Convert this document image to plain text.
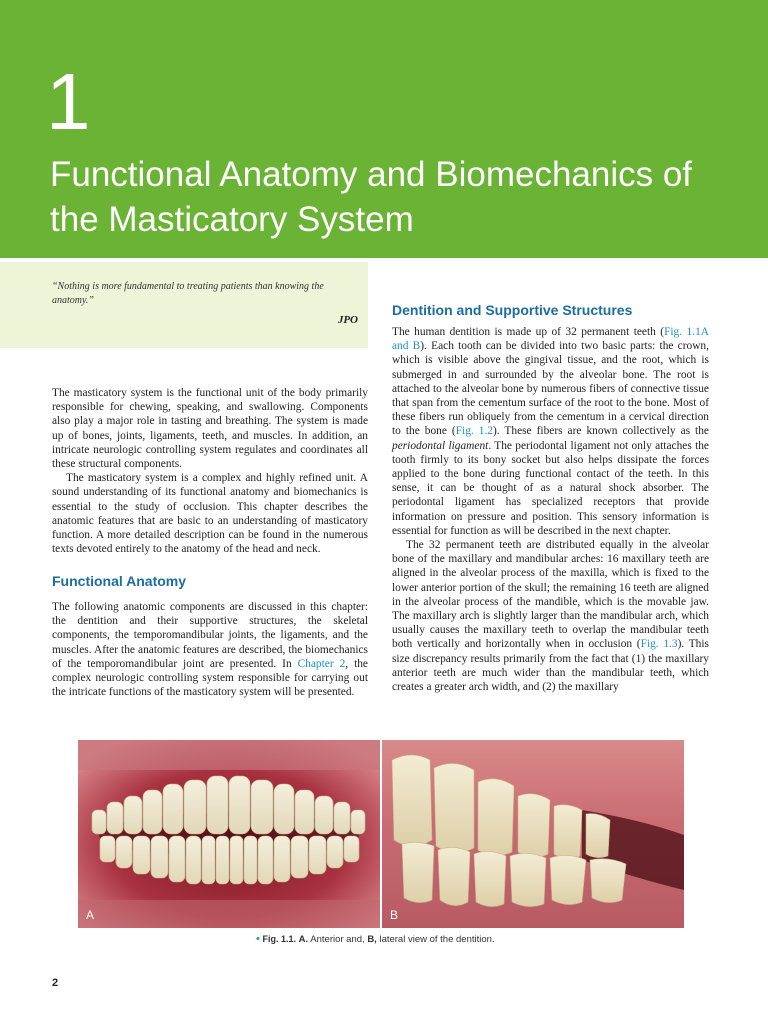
1
Functional Anatomy and Biomechanics of the Masticatory System
“Nothing is more fundamental to treating patients than knowing the anatomy.”
JPO

The masticatory system is the functional unit of the body primarily responsible for chewing, speaking, and swallowing. Components also play a major role in tasting and breathing. The system is made up of bones, joints, ligaments, teeth, and muscles. In addition, an intricate neurologic controlling system regulates and coordinates all these structural components.

The masticatory system is a complex and highly refined unit. A sound understanding of its functional anatomy and biomechanics is essential to the study of occlusion. This chapter describes the anatomic features that are basic to an understanding of masticatory function. A more detailed description can be found in the numerous texts devoted entirely to the anatomy of the head and neck.

Functional Anatomy

The following anatomic components are discussed in this chapter: the dentition and their supportive structures, the skeletal components, the temporomandibular joints, the ligaments, and the muscles. After the anatomic features are described, the biomechanics of the temporomandibular joint are presented. In Chapter 2, the complex neurologic controlling system responsible for carrying out the intricate functions of the masticatory system will be presented.

Dentition and Supportive Structures

The human dentition is made up of 32 permanent teeth (Fig. 1.1A and B). Each tooth can be divided into two basic parts: the crown, which is visible above the gingival tissue, and the root, which is submerged in and surrounded by the alveolar bone. The root is attached to the alveolar bone by numerous fibers of connective tissue that span from the cementum surface of the root to the bone. Most of these fibers run obliquely from the cementum in a cervical direction to the bone (Fig. 1.2). These fibers are known collectively as the periodontal ligament. The periodontal ligament not only attaches the tooth firmly to its bony socket but also helps dissipate the forces applied to the bone during functional contact of the teeth. In this sense, it can be thought of as a natural shock absorber. The periodontal ligament has specialized receptors that provide information on pressure and position. This sensory information is essential for function as will be described in the next chapter.

The 32 permanent teeth are distributed equally in the alveolar bone of the maxillary and mandibular arches: 16 maxillary teeth are aligned in the alveolar process of the maxilla, which is fixed to the lower anterior portion of the skull; the remaining 16 teeth are aligned in the alveolar process of the mandible, which is the movable jaw. The maxillary arch is slightly larger than the mandibular arch, which usually causes the maxillary teeth to overlap the mandibular teeth both vertically and horizontally when in occlusion (Fig. 1.3). This size discrepancy results primarily from the fact that (1) the maxillary anterior teeth are much wider than the mandibular teeth, which creates a greater arch width, and (2) the maxillary

A	B
• Fig. 1.1. A. Anterior and, B, lateral view of the dentition.
2
